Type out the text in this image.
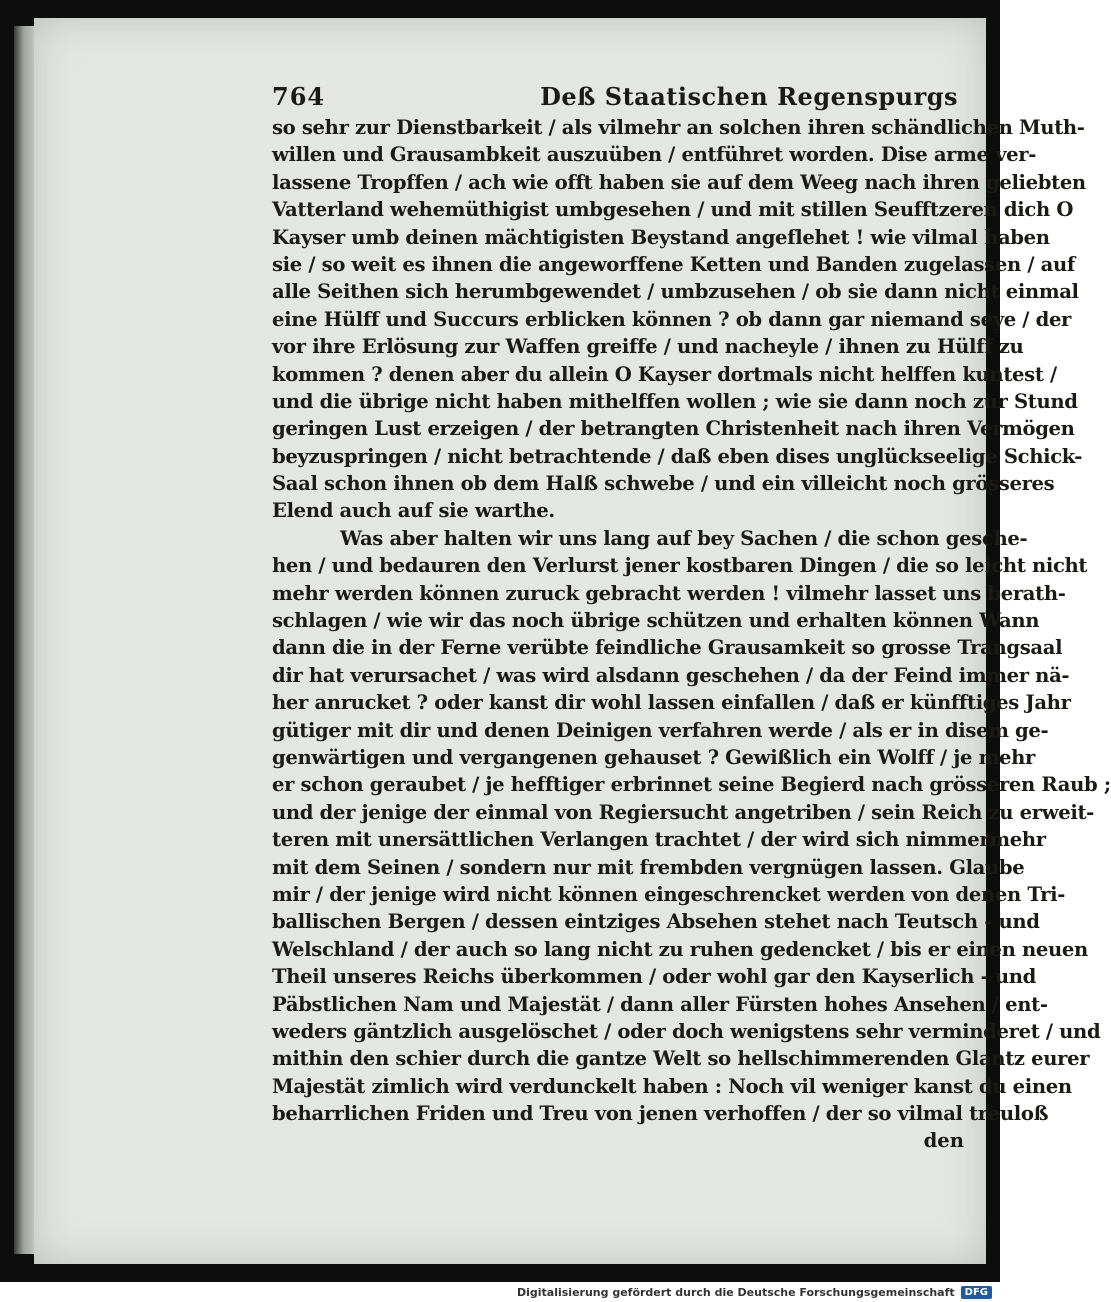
764	Deß Staatischen Regenspurgs
so sehr zur Dienstbarkeit / als vilmehr an solchen ihren schändlichen Muth-
willen und Grausambkeit auszuüben / entführet worden. Dise arme ver-
lassene Tropffen / ach wie offt haben sie auf dem Weeg nach ihren geliebten
Vatterland wehemüthigist umbgesehen / und mit stillen Seufftzeren dich O
Kayser umb deinen mächtigisten Beystand angeflehet ! wie vilmal haben
sie / so weit es ihnen die angeworffene Ketten und Banden zugelassen / auf
alle Seithen sich herumbgewendet / umbzusehen / ob sie dann nicht einmal
eine Hülff und Succurs erblicken können ? ob dann gar niemand seye / der
vor ihre Erlösung zur Waffen greiffe / und nacheyle / ihnen zu Hülff zu
kommen ? denen aber du allein O Kayser dortmals nicht helffen kuntest /
und die übrige nicht haben mithelffen wollen ; wie sie dann noch zur Stund
geringen Lust erzeigen / der betrangten Christenheit nach ihren Vermögen
beyzuspringen / nicht betrachtende / daß eben dises unglückseelige Schick-
Saal schon ihnen ob dem Halß schwebe / und ein villeicht noch grösseres
Elend auch auf sie warthe.
Was aber halten wir uns lang auf bey Sachen / die schon gesche-
hen / und bedauren den Verlurst jener kostbaren Dingen / die so leicht nicht
mehr werden können zuruck gebracht werden ! vilmehr lasset uns berath-
schlagen / wie wir das noch übrige schützen und erhalten können Wann
dann die in der Ferne verübte feindliche Grausamkeit so grosse Trangsaal
dir hat verursachet / was wird alsdann geschehen / da der Feind immer nä-
her anrucket ? oder kanst dir wohl lassen einfallen / daß er künfftiges Jahr
gütiger mit dir und denen Deinigen verfahren werde / als er in disem ge-
genwärtigen und vergangenen gehauset ? Gewißlich ein Wolff / je mehr
er schon geraubet / je hefftiger erbrinnet seine Begierd nach grösseren Raub ;
und der jenige der einmal von Regiersucht angetriben / sein Reich zu erweit-
teren mit unersättlichen Verlangen trachtet / der wird sich nimmermehr
mit dem Seinen / sondern nur mit frembden vergnügen lassen. Glaube
mir / der jenige wird nicht können eingeschrencket werden von denen Tri-
ballischen Bergen / dessen eintziges Absehen stehet nach Teutsch - und
Welschland / der auch so lang nicht zu ruhen gedencket / bis er einen neuen
Theil unseres Reichs überkommen / oder wohl gar den Kayserlich - und
Päbstlichen Nam und Majestät / dann aller Fürsten hohes Ansehen / ent-
weders gäntzlich ausgelöschet / oder doch wenigstens sehr verminderet / und
mithin den schier durch die gantze Welt so hellschimmerenden Glantz eurer
Majestät zimlich wird verdunckelt haben : Noch vil weniger kanst du einen
beharrlichen Friden und Treu von jenen verhoffen / der so vilmal treuloß
den
Digitalisierung gefördert durch die Deutsche Forschungsgemeinschaft	DFG
